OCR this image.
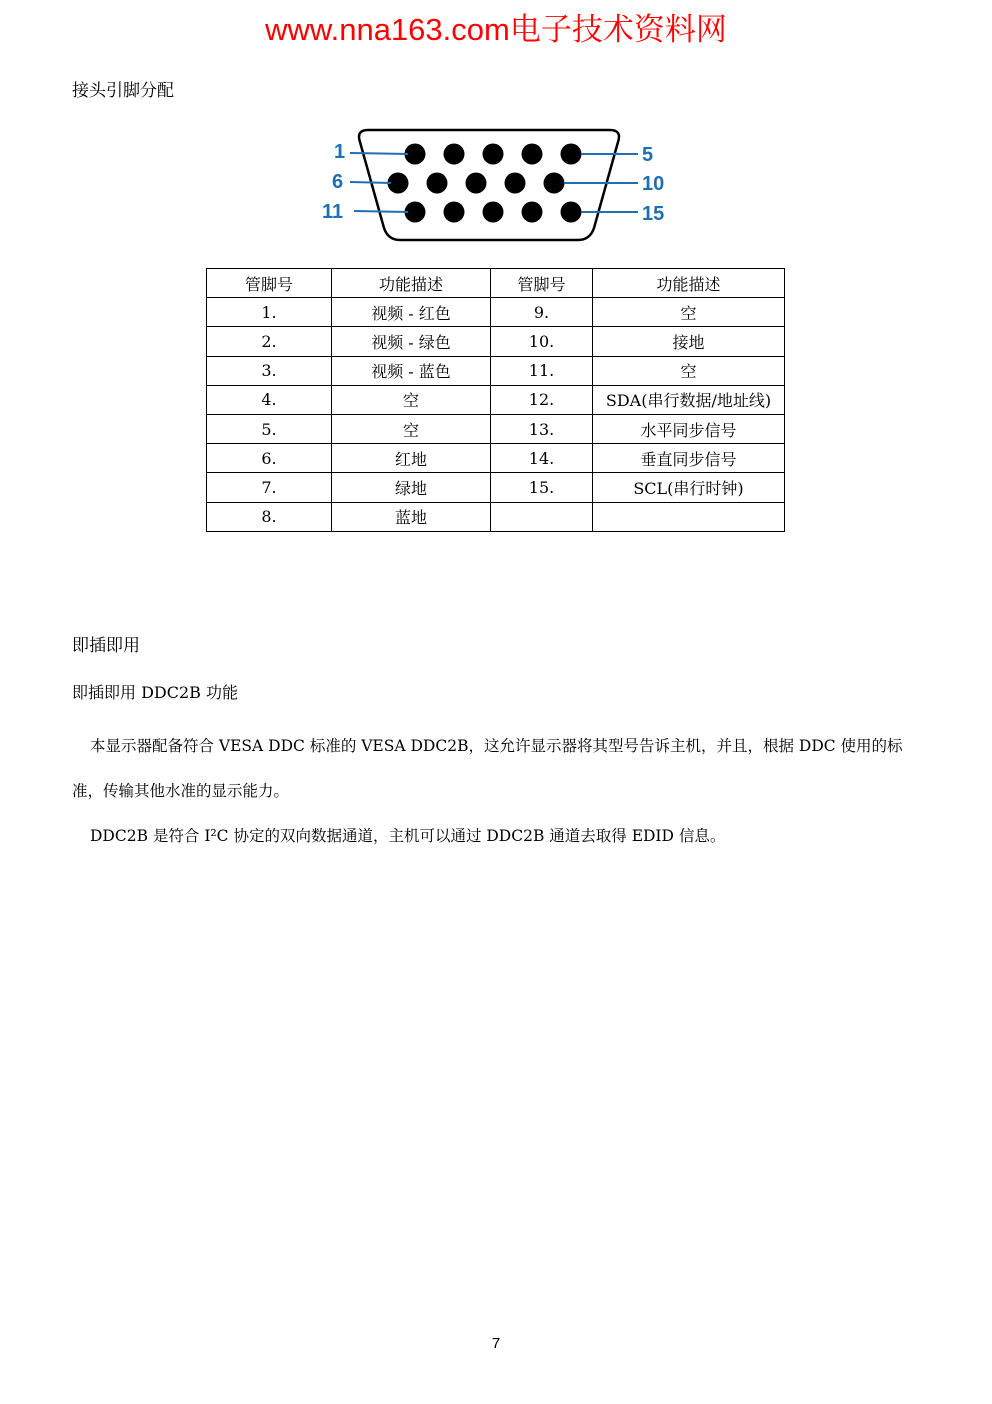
www.nna163.com电子技术资料网
接头引脚分配
1	5
6	10
11	15
管脚号	功能描述	管脚号	功能描述
1.	视频 - 红色	9.	空
2.	视频 - 绿色	10.	接地
3.	视频 - 蓝色	11.	空
4.	空	12.	SDA(串行数据/地址线)
5.	空	13.	水平同步信号
6.	红地	14.	垂直同步信号
7.	绿地	15.	SCL(串行时钟)
8.	蓝地		
即插即用
即插即用 DDC2B 功能
本显示器配备符合 VESA DDC 标准的 VESA DDC2B，这允许显示器将其型号告诉主机，并且，根据 DDC 使用的标准，传输其他水准的显示能力。
DDC2B 是符合 I²C 协定的双向数据通道，主机可以通过 DDC2B 通道去取得 EDID 信息。
7
